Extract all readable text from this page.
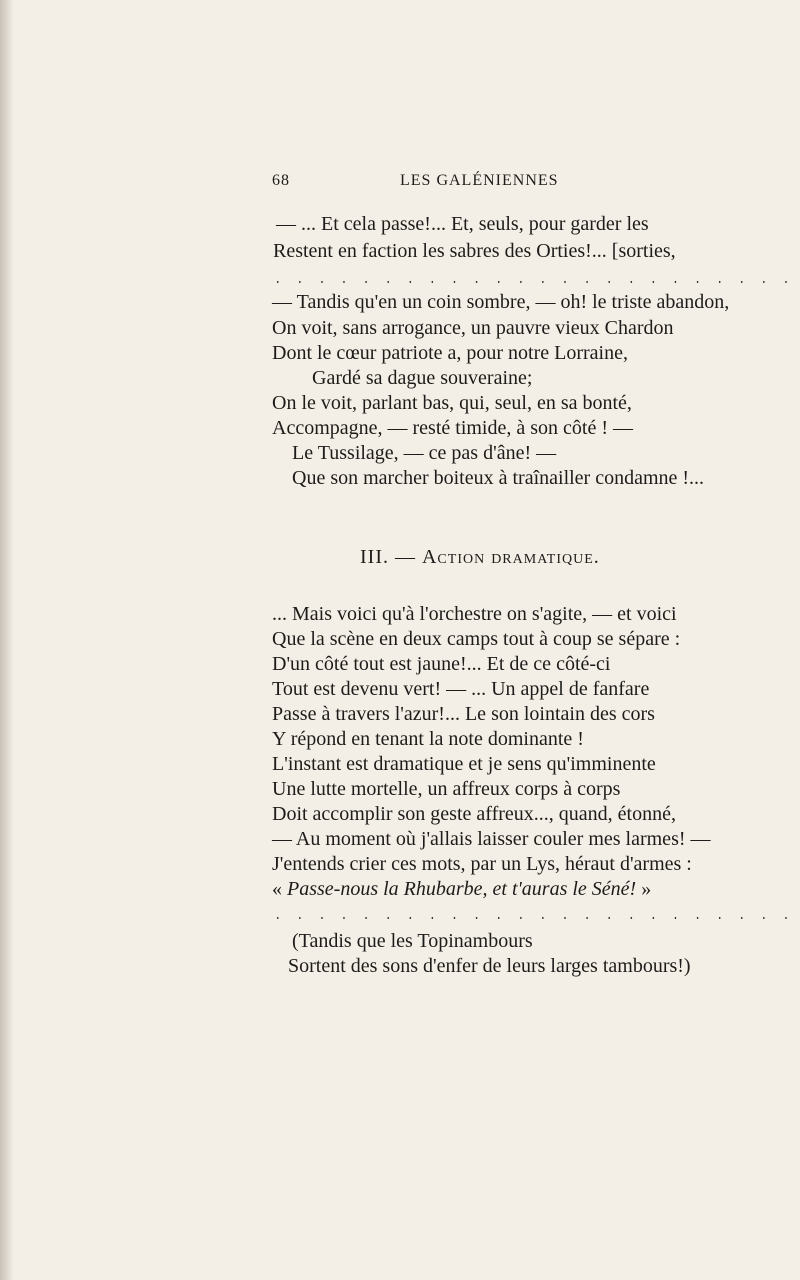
68	LES GALÉNIENNES
— ... Et cela passe!... Et, seuls, pour garder les
Restent en faction les sabres des Orties!... [sorties,
. . . . . . . . . . . . . . . . . . . . . . . .
— Tandis qu'en un coin sombre, — oh! le triste abandon,
On voit, sans arrogance, un pauvre vieux Chardon
Dont le cœur patriote a, pour notre Lorraine,
Gardé sa dague souveraine;
On le voit, parlant bas, qui, seul, en sa bonté,
Accompagne, — resté timide, à son côté ! —
Le Tussilage, — ce pas d'âne! —
Que son marcher boiteux à traînailler condamne !...
III. — Action dramatique.
... Mais voici qu'à l'orchestre on s'agite, — et voici
Que la scène en deux camps tout à coup se sépare :
D'un côté tout est jaune!... Et de ce côté-ci
Tout est devenu vert! — ... Un appel de fanfare
Passe à travers l'azur!... Le son lointain des cors
Y répond en tenant la note dominante !
L'instant est dramatique et je sens qu'imminente
Une lutte mortelle, un affreux corps à corps
Doit accomplir son geste affreux..., quand, étonné,
— Au moment où j'allais laisser couler mes larmes! —
J'entends crier ces mots, par un Lys, héraut d'armes :
« Passe-nous la Rhubarbe, et t'auras le Séné! »
. . . . . . . . . . . . . . . . . . . . . . . .
(Tandis que les Topinambours
Sortent des sons d'enfer de leurs larges tambours!)
